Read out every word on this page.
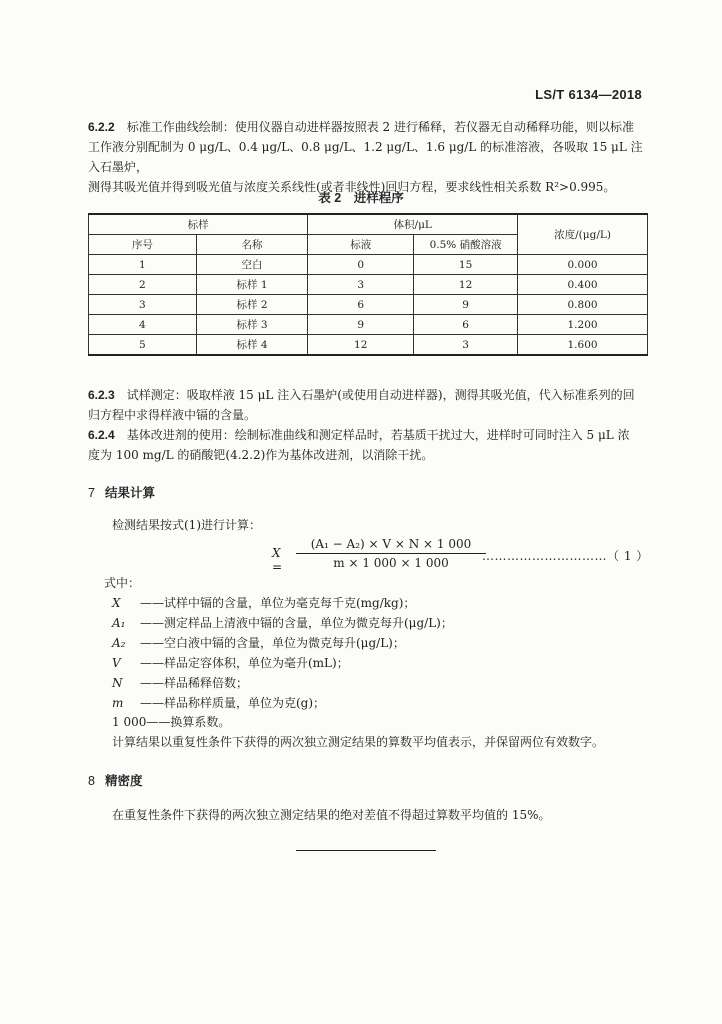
LS/T 6134—2018
6.2.2　 标准工作曲线绘制：使用仪器自动进样器按照表 2 进行稀释，若仪器无自动稀释功能，则以标准
工作液分别配制为 0 μg/L、0.4 μg/L、0.8 μg/L、1.2 μg/L、1.6 μg/L 的标准溶液，各吸取 15 μL 注入石墨炉，
测得其吸光值并得到吸光值与浓度关系线性(或者非线性)回归方程，要求线性相关系数 R²>0.995。
表 2　进样程序
标样		体积/μL		浓度/(μg/L)
序号	名称	标液	0.5% 硝酸溶液	
1	空白	0	15	0.000
2	标样 1	3	12	0.400
3	标样 2	6	9	0.800
4	标样 3	9	6	1.200
5	标样 4	12	3	1.600
6.2.3　 试样测定：吸取样液 15 μL 注入石墨炉(或使用自动进样器)，测得其吸光值，代入标准系列的回
归方程中求得样液中镉的含量。
6.2.4　 基体改进剂的使用：绘制标准曲线和测定样品时，若基质干扰过大，进样时可同时注入 5 μL 浓
度为 100 mg/L 的硝酸钯(4.2.2)作为基体改进剂，以消除干扰。
7 结果计算
检测结果按式(1)进行计算：
$X = \frac{\text{(A₁ − A₂) × V × N × 1 000}}{m \times 1 000 \times 1 000}$
…………………………（ 1 ）
式中：
X ——试样中镉的含量，单位为毫克每千克(mg/kg)；
A₁ ——测定样品上清液中镉的含量，单位为微克每升(μg/L)；
A₂ ——空白液中镉的含量，单位为微克每升(μg/L)；
V ——样品定容体积，单位为毫升(mL)；
N ——样品稀释倍数；
m ——样品称样质量，单位为克(g)；
1 000——换算系数。
计算结果以重复性条件下获得的两次独立测定结果的算数平均值表示，并保留两位有效数字。
8 精密度
在重复性条件下获得的两次独立测定结果的绝对差值不得超过算数平均值的 15%。
